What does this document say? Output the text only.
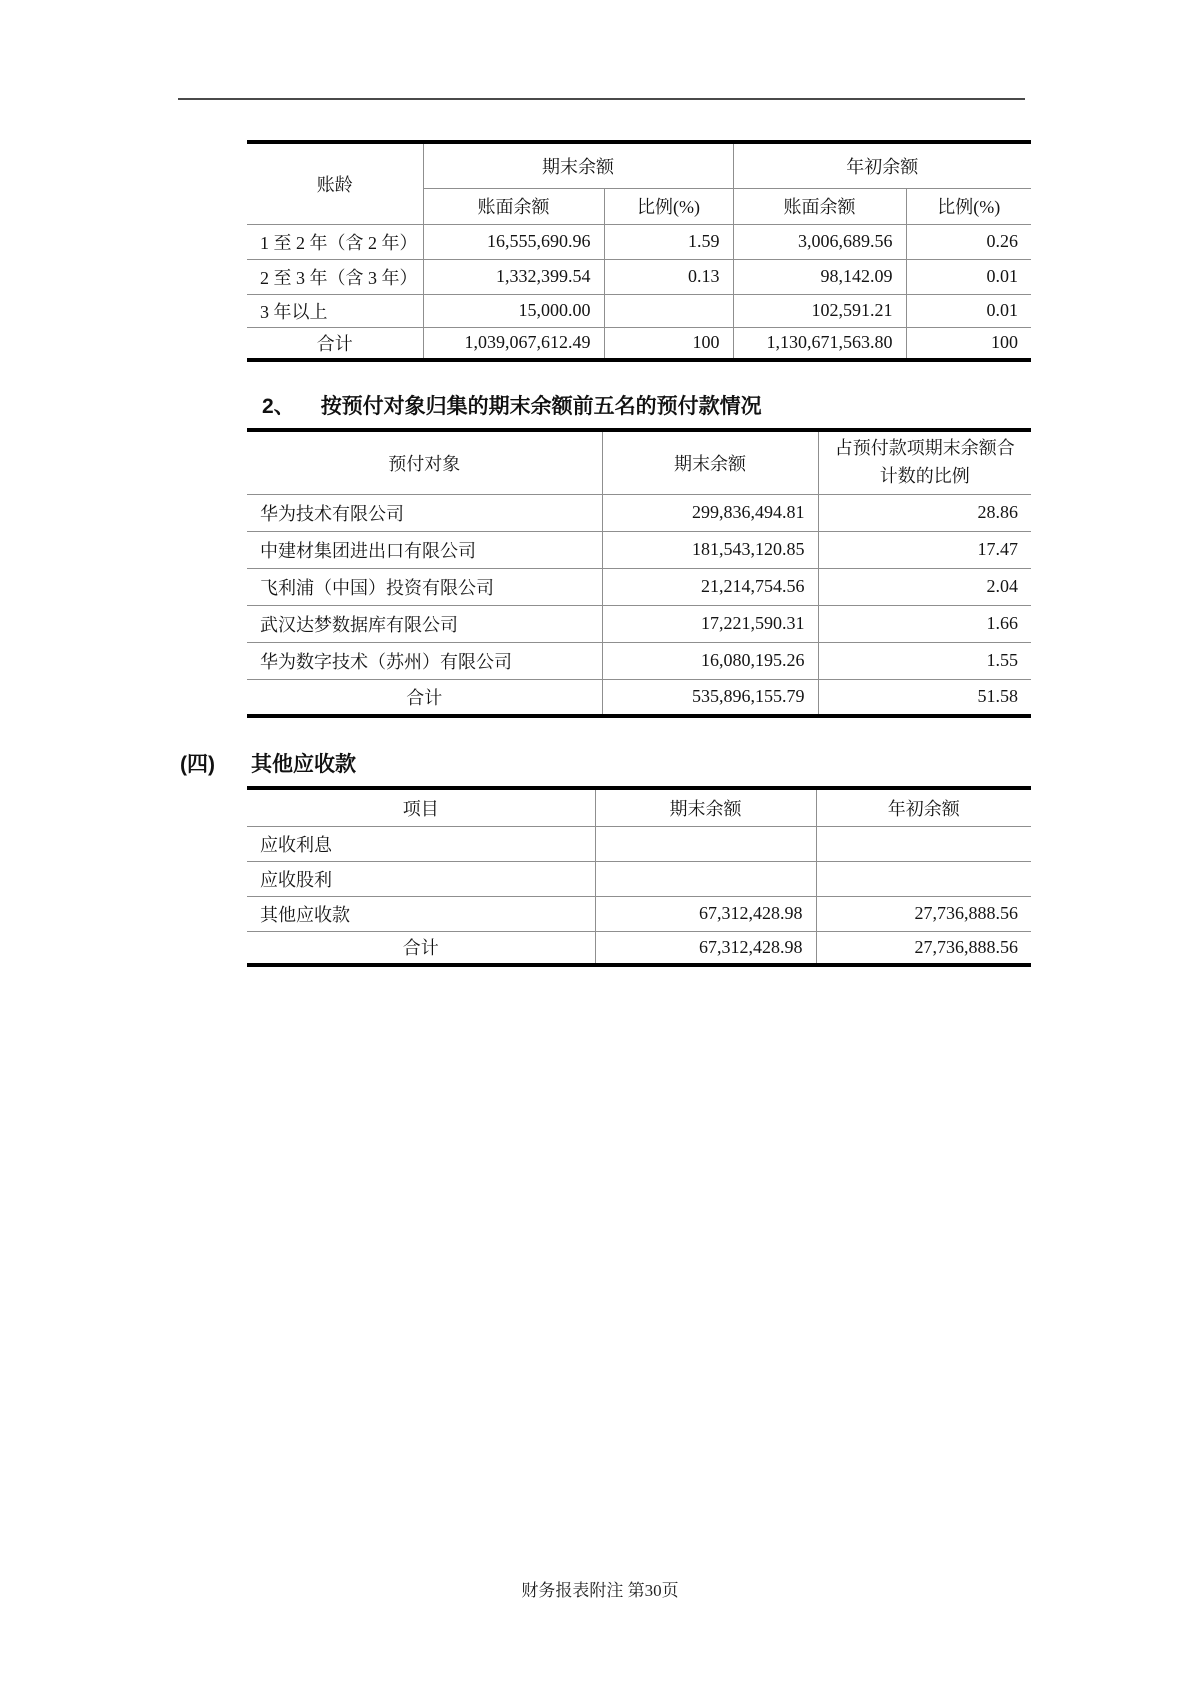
账龄	期末余额		年初余额	
	账面余额	比例(%)	账面余额	比例(%)
1 至 2 年（含 2 年）	16,555,690.96	1.59	3,006,689.56	0.26
2 至 3 年（含 3 年）	1,332,399.54	0.13	98,142.09	0.01
3 年以上	15,000.00		102,591.21	0.01
合计	1,039,067,612.49	100	1,130,671,563.80	100
2、 按预付对象归集的期末余额前五名的预付款情况
预付对象	期末余额	占预付款项期末余额合
计数的比例

华为技术有限公司	299,836,494.81	28.86
中建材集团进出口有限公司	181,543,120.85	17.47
飞利浦（中国）投资有限公司	21,214,754.56	2.04
武汉达梦数据库有限公司	17,221,590.31	1.66
华为数字技术（苏州）有限公司	16,080,195.26	1.55
合计	535,896,155.79	51.58
(四) 其他应收款
项目	期末余额	年初余额
应收利息		
应收股利		
其他应收款	67,312,428.98	27,736,888.56
合计	67,312,428.98	27,736,888.56
财务报表附注 第30页
